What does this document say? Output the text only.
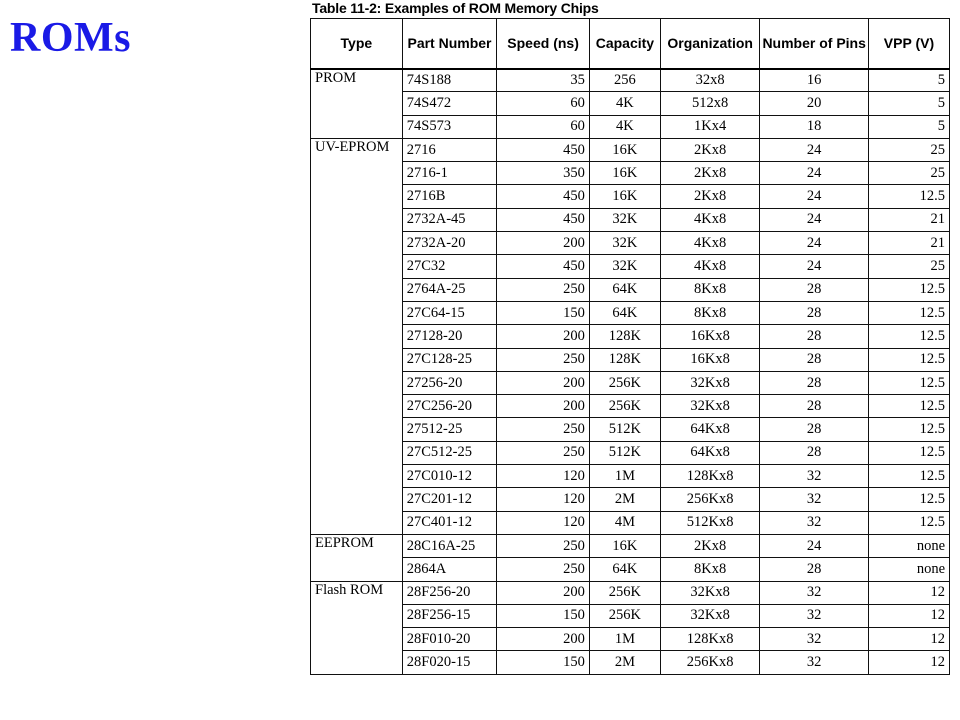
ROMs
Table 11-2: Examples of ROM Memory Chips
Type	Part Number	Speed (ns)	Capacity	Organization	Number of Pins	VPP (V)
PROM	74S188	35	256	32x8	16	5
	74S472	60	4K	512x8	20	5
	74S573	60	4K	1Kx4	18	5
UV-EPROM	2716	450	16K	2Kx8	24	25
	2716-1	350	16K	2Kx8	24	25
	2716B	450	16K	2Kx8	24	12.5
	2732A-45	450	32K	4Kx8	24	21
	2732A-20	200	32K	4Kx8	24	21
	27C32	450	32K	4Kx8	24	25
	2764A-25	250	64K	8Kx8	28	12.5
	27C64-15	150	64K	8Kx8	28	12.5
	27128-20	200	128K	16Kx8	28	12.5
	27C128-25	250	128K	16Kx8	28	12.5
	27256-20	200	256K	32Kx8	28	12.5
	27C256-20	200	256K	32Kx8	28	12.5
	27512-25	250	512K	64Kx8	28	12.5
	27C512-25	250	512K	64Kx8	28	12.5
	27C010-12	120	1M	128Kx8	32	12.5
	27C201-12	120	2M	256Kx8	32	12.5
	27C401-12	120	4M	512Kx8	32	12.5
EEPROM	28C16A-25	250	16K	2Kx8	24	none
	2864A	250	64K	8Kx8	28	none
Flash ROM	28F256-20	200	256K	32Kx8	32	12
	28F256-15	150	256K	32Kx8	32	12
	28F010-20	200	1M	128Kx8	32	12
	28F020-15	150	2M	256Kx8	32	12
